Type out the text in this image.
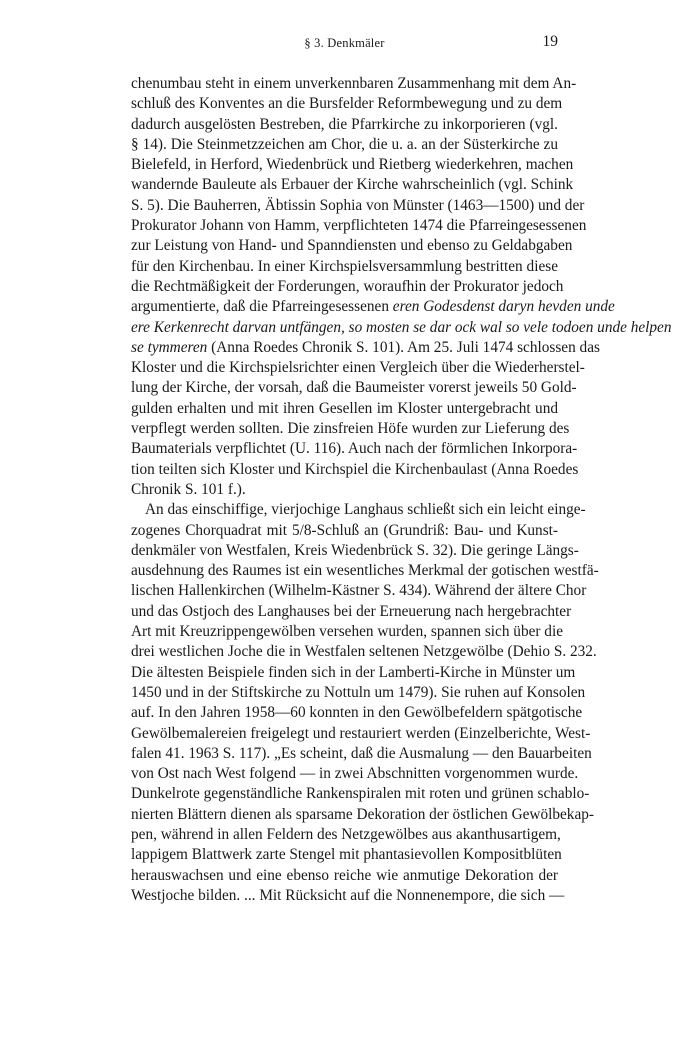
§ 3. Denkmäler	19
chenumbau steht in einem unverkennbaren Zusammenhang mit dem An-
schluß des Konventes an die Bursfelder Reformbewegung und zu dem
dadurch ausgelösten Bestreben, die Pfarrkirche zu inkorporieren (vgl.
§ 14). Die Steinmetzzeichen am Chor, die u. a. an der Süsterkirche zu
Bielefeld, in Herford, Wiedenbrück und Rietberg wiederkehren, machen
wandernde Bauleute als Erbauer der Kirche wahrscheinlich (vgl. Schink
S. 5). Die Bauherren, Äbtissin Sophia von Münster (1463—1500) und der
Prokurator Johann von Hamm, verpflichteten 1474 die Pfarreingesessenen
zur Leistung von Hand- und Spanndiensten und ebenso zu Geldabgaben
für den Kirchenbau. In einer Kirchspielsversammlung bestritten diese
die Rechtmäßigkeit der Forderungen, woraufhin der Prokurator jedoch
argumentierte, daß die Pfarreingesessenen eren Godesdenst daryn hevden unde
ere Kerkenrecht darvan untfängen, so mosten se dar ock wal so vele todoen unde helpen
se tymmeren (Anna Roedes Chronik S. 101). Am 25. Juli 1474 schlossen das
Kloster und die Kirchspielsrichter einen Vergleich über die Wiederherstel-
lung der Kirche, der vorsah, daß die Baumeister vorerst jeweils 50 Gold-
gulden erhalten und mit ihren Gesellen im Kloster untergebracht und
verpflegt werden sollten. Die zinsfreien Höfe wurden zur Lieferung des
Baumaterials verpflichtet (U. 116). Auch nach der förmlichen Inkorpora-
tion teilten sich Kloster und Kirchspiel die Kirchenbaulast (Anna Roedes
Chronik S. 101 f.).
An das einschiffige, vierjochige Langhaus schließt sich ein leicht einge-
zogenes Chorquadrat mit 5/8-Schluß an (Grundriß: Bau- und Kunst-
denkmäler von Westfalen, Kreis Wiedenbrück S. 32). Die geringe Längs-
ausdehnung des Raumes ist ein wesentliches Merkmal der gotischen westfä-
lischen Hallenkirchen (Wilhelm-Kästner S. 434). Während der ältere Chor
und das Ostjoch des Langhauses bei der Erneuerung nach hergebrachter
Art mit Kreuzrippengewölben versehen wurden, spannen sich über die
drei westlichen Joche die in Westfalen seltenen Netzgewölbe (Dehio S. 232.
Die ältesten Beispiele finden sich in der Lamberti-Kirche in Münster um
1450 und in der Stiftskirche zu Nottuln um 1479). Sie ruhen auf Konsolen
auf. In den Jahren 1958—60 konnten in den Gewölbefeldern spätgotische
Gewölbemalereien freigelegt und restauriert werden (Einzelberichte, West-
falen 41. 1963 S. 117). „Es scheint, daß die Ausmalung — den Bauarbeiten
von Ost nach West folgend — in zwei Abschnitten vorgenommen wurde.
Dunkelrote gegenständliche Rankenspiralen mit roten und grünen schablo-
nierten Blättern dienen als sparsame Dekoration der östlichen Gewölbekap-
pen, während in allen Feldern des Netzgewölbes aus akanthusartigem,
lappigem Blattwerk zarte Stengel mit phantasievollen Kompositblüten
herauswachsen und eine ebenso reiche wie anmutige Dekoration der
Westjoche bilden. ... Mit Rücksicht auf die Nonnenempore, die sich —
